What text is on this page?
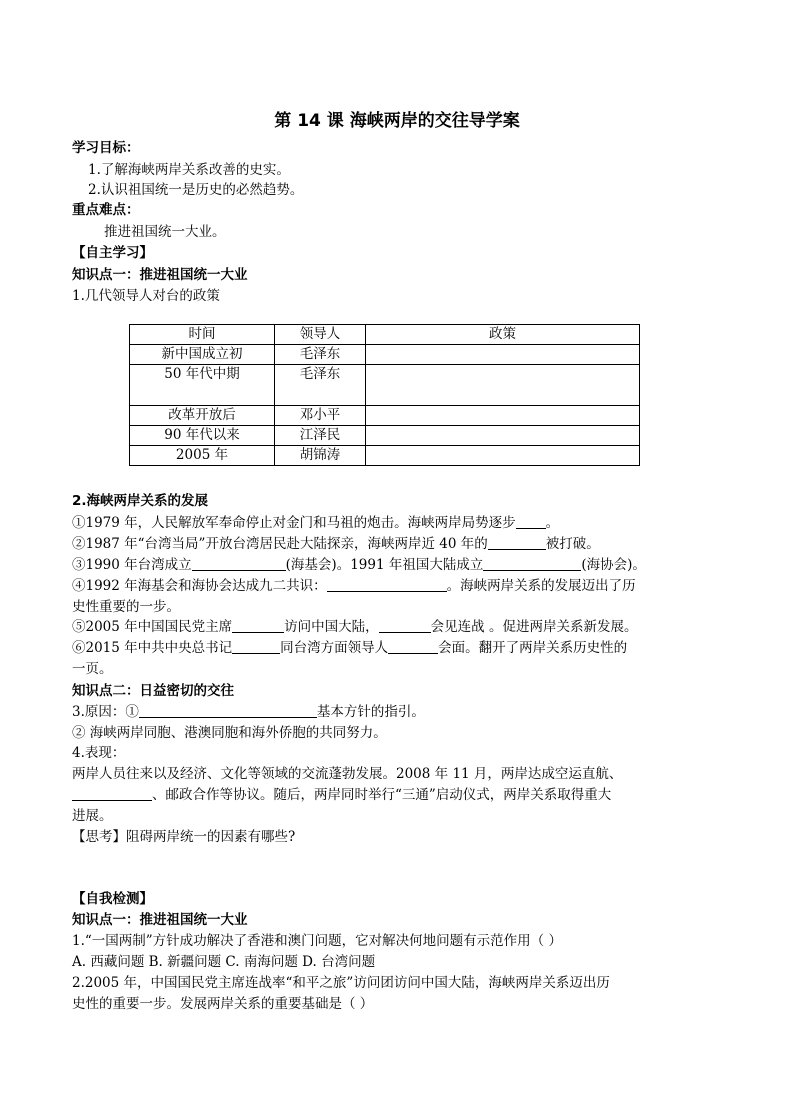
第 14 课 海峡两岸的交往导学案
学习目标：
1.了解海峡两岸关系改善的史实。
2.认识祖国统一是历史的必然趋势。
重点难点：
推进祖国统一大业。
【自主学习】
知识点一：推进祖国统一大业
1.几代领导人对台的政策
时间	领导人	政策
新中国成立初	毛泽东	
50 年代中期	毛泽东	
改革开放后	邓小平	
90 年代以来	江泽民	
2005 年	胡锦涛	
2.海峡两岸关系的发展
①1979 年，人民解放军奉命停止对金门和马祖的炮击。海峡两岸局势逐步 。
②1987 年“台湾当局”开放台湾居民赴大陆探亲，海峡两岸近 40 年的	被打破。
③1990 年台湾成立	(海基会)。1991 年祖国大陆成立	(海协会)。
④1992 年海基会和海协会达成九二共识：	。海峡两岸关系的发展迈出了历
史性重要的一步。
⑤2005 年中国国民党主席	访问中国大陆，	会见连战 。促进两岸关系新发展。
⑥2015 年中共中央总书记	同台湾方面领导人	会面。翻开了两岸关系历史性的
一页。
知识点二：日益密切的交往
3.原因：①	基本方针的指引。
② 海峡两岸同胞、港澳同胞和海外侨胞的共同努力。
4.表现：
两岸人员往来以及经济、文化等领域的交流蓬勃发展。2008 年 11 月，两岸达成空运直航、
、邮政合作等协议。随后，两岸同时举行“三通”启动仪式，两岸关系取得重大
进展。
【思考】阻碍两岸统一的因素有哪些?
【自我检测】
知识点一：推进祖国统一大业
1.“一国两制”方针成功解决了香港和澳门问题，它对解决何地问题有示范作用（ ）
A. 西藏问题 B. 新疆问题 C. 南海问题 D. 台湾问题
2.2005 年，中国国民党主席连战率“和平之旅”访问团访问中国大陆，海峡两岸关系迈出历
史性的重要一步。发展两岸关系的重要基础是（ ）
